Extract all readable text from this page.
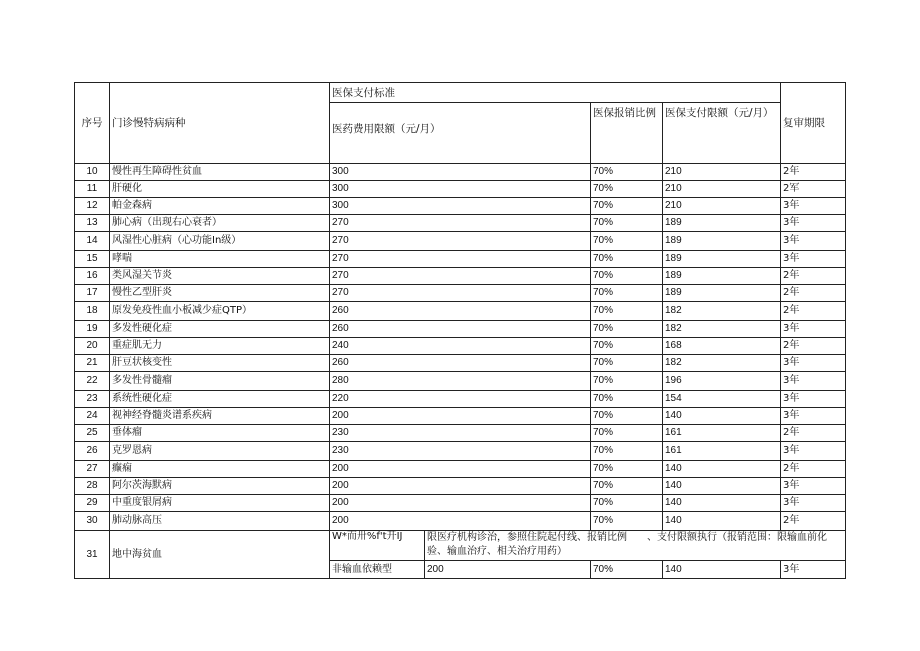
序号	门诊慢特病病种	医保支付标准				复审期限
		医药费用限额（元/月）		医保报销比例	医保支付限额（元/月）	
10	慢性再生障碍性贫血	300		70%	210	2年
11	肝硬化	300		70%	210	2军
12	帕金森病	300		70%	210	3年
13	肺心病（出现右心衰者）	270		70%	189	3年
14	风湿性心脏病（心功能In级）	270		70%	189	3年
15	哮喘	270		70%	189	3年
16	类风湿关节炎	270		70%	189	2年
17	慢性乙型肝炎	270		70%	189	2年
18	原发免疫性血小板减少症QTP）	260		70%	182	2年
19	多发性硬化症	260		70%	182	3年
20	重症肌无力	240		70%	168	2年
21	肝豆状核变性	260		70%	182	3年
22	多发性骨髓瘤	280		70%	196	3年
23	系统性硬化症	220		70%	154	3年
24	视神经脊髓炎谱系疾病	200		70%	140	3年
25	垂体瘤	230		70%	161	2年
26	克罗恩病	230		70%	161	3年
27	癫痫	200		70%	140	2年
28	阿尔茨海默病	200		70%	140	3年
29	中重度银屑病	200		70%	140	3年
30	肺动脉高压	200		70%	140	2年
31	地中海贫血	W*而卅%f't开IJ	限医疗机构诊治，参照住院起付线、报销比例　　、支付限额执行（报销范围：限输血前化验、输血治疗、相关治疗用药）			
		非输血依赖型	200	70%	140	3年
